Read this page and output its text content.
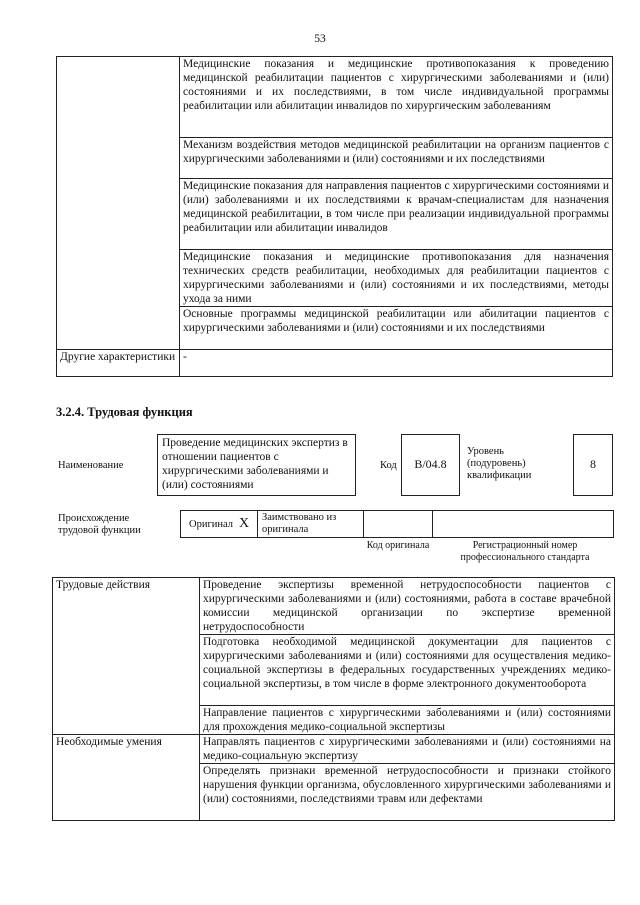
53
	Медицинские показания и медицинские противопоказания к проведению медицинской реабилитации пациентов с хирургическими заболеваниями и (или) состояниями и их последствиями, в том числе индивидуальной программы реабилитации или абилитации инвалидов по хирургическим заболеваниям
	Механизм воздействия методов медицинской реабилитации на организм пациентов с хирургическими заболеваниями и (или) состояниями и их последствиями
	Медицинские показания для направления пациентов с хирургическими состояниями и (или) заболеваниями и их последствиями к врачам-специалистам для назначения медицинской реабилитации, в том числе при реализации индивидуальной программы реабилитации или абилитации инвалидов
	Медицинские показания и медицинские противопоказания для назначения технических средств реабилитации, необходимых для реабилитации пациентов с хирургическими заболеваниями и (или) состояниями и их последствиями, методы ухода за ними
	Основные программы медицинской реабилитации или абилитации пациентов с хирургическими заболеваниями и (или) состояниями и их последствиями
Другие характеристики	-
3.2.4. Трудовая функция
Наименование
Проведение медицинских экспертиз в отношении пациентов с хирургическими заболеваниями и (или) состояниями
Код	B/04.8
Уровень (подуровень) квалификации
8
Происхождение трудовой функции
Оригинал X Заимствовано из оригинала
Код оригинала	Регистрационный номер профессионального стандарта
Трудовые действия	Проведение экспертизы временной нетрудоспособности пациентов с хирургическими заболеваниями и (или) состояниями, работа в составе врачебной комиссии медицинской организации по экспертизе временной нетрудоспособности
	Подготовка необходимой медицинской документации для пациентов с хирургическими заболеваниями и (или) состояниями для осуществления медико-социальной экспертизы в федеральных государственных учреждениях медико-социальной экспертизы, в том числе в форме электронного документооборота
	Направление пациентов с хирургическими заболеваниями и (или) состояниями для прохождения медико-социальной экспертизы
Необходимые умения	Направлять пациентов с хирургическими заболеваниями и (или) состояниями на медико-социальную экспертизу
	Определять признаки временной нетрудоспособности и признаки стойкого нарушения функции организма, обусловленного хирургическими заболеваниями и (или) состояниями, последствиями травм или дефектами
